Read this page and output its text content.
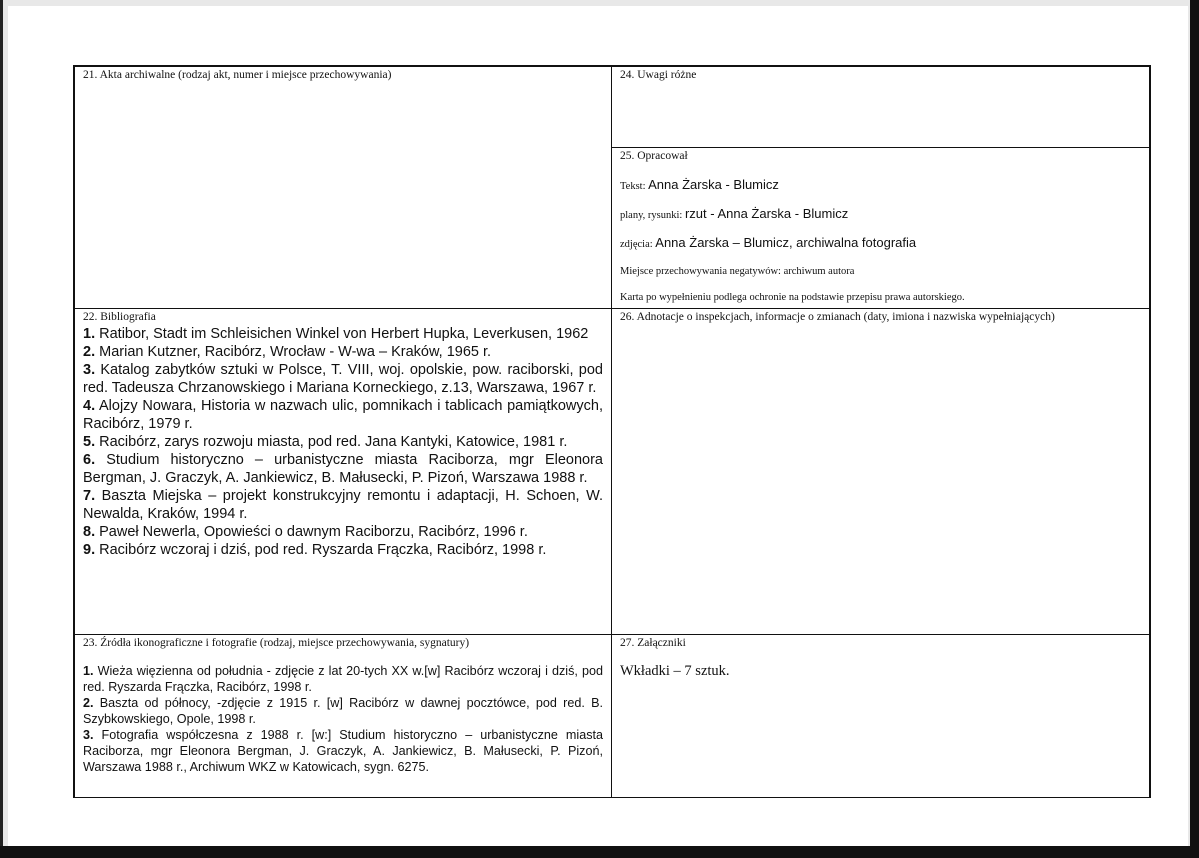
21. Akta archiwalne (rodzaj akt, numer i miejsce przechowywania)	24. Uwagi różne
25. Opracował
Tekst: Anna Żarska - Blumicz
plany, rysunki: rzut - Anna Żarska - Blumicz
zdjęcia: Anna Żarska – Blumicz, archiwalna fotografia
Miejsce przechowywania negatywów: archiwum autora
Karta po wypełnieniu podlega ochronie na podstawie przepisu prawa autorskiego.
22. Bibliografia

1. Ratibor, Stadt im Schleisichen Winkel von Herbert Hupka, Leverkusen, 1962

2. Marian Kutzner, Racibórz, Wrocław - W-wa – Kraków, 1965 r.

3. Katalog zabytków sztuki w Polsce, T. VIII, woj. opolskie, pow. raciborski, pod red. Tadeusza Chrzanowskiego i Mariana Korneckiego, z.13, Warszawa, 1967 r.

4. Alojzy Nowara, Historia w nazwach ulic, pomnikach i tablicach pamiątkowych, Racibórz, 1979 r.

5. Racibórz, zarys rozwoju miasta, pod red. Jana Kantyki, Katowice, 1981 r.

6. Studium historyczno – urbanistyczne miasta Raciborza, mgr Eleonora Bergman, J. Graczyk, A. Jankiewicz, B. Małusecki, P. Pizoń, Warszawa 1988 r.

7. Baszta Miejska – projekt konstrukcyjny remontu i adaptacji, H. Schoen, W. Newalda, Kraków, 1994 r.

8. Paweł Newerla, Opowieści o dawnym Raciborzu, Racibórz, 1996 r.

9. Racibórz wczoraj i dziś, pod red. Ryszarda Frączka, Racibórz, 1998 r.

26. Adnotacje o inspekcjach, informacje o zmianach (daty, imiona i nazwiska wypełniających)
23. Źródła ikonograficzne i fotografie (rodzaj, miejsce przechowywania, sygnatury)

1. Wieża więzienna od południa - zdjęcie z lat 20-tych XX w.[w] Racibórz wczoraj i dziś, pod red. Ryszarda Frączka, Racibórz, 1998 r.

2. Baszta od północy, -zdjęcie z 1915 r. [w] Racibórz w dawnej pocztówce, pod red. B. Szybkowskiego, Opole, 1998 r.

3. Fotografia współczesna z 1988 r. [w:] Studium historyczno – urbanistyczne miasta Raciborza, mgr Eleonora Bergman, J. Graczyk, A. Jankiewicz, B. Małusecki, P. Pizoń, Warszawa 1988 r., Archiwum WKZ w Katowicach, sygn. 6275.

27. Załączniki
Wkładki – 7 sztuk.
